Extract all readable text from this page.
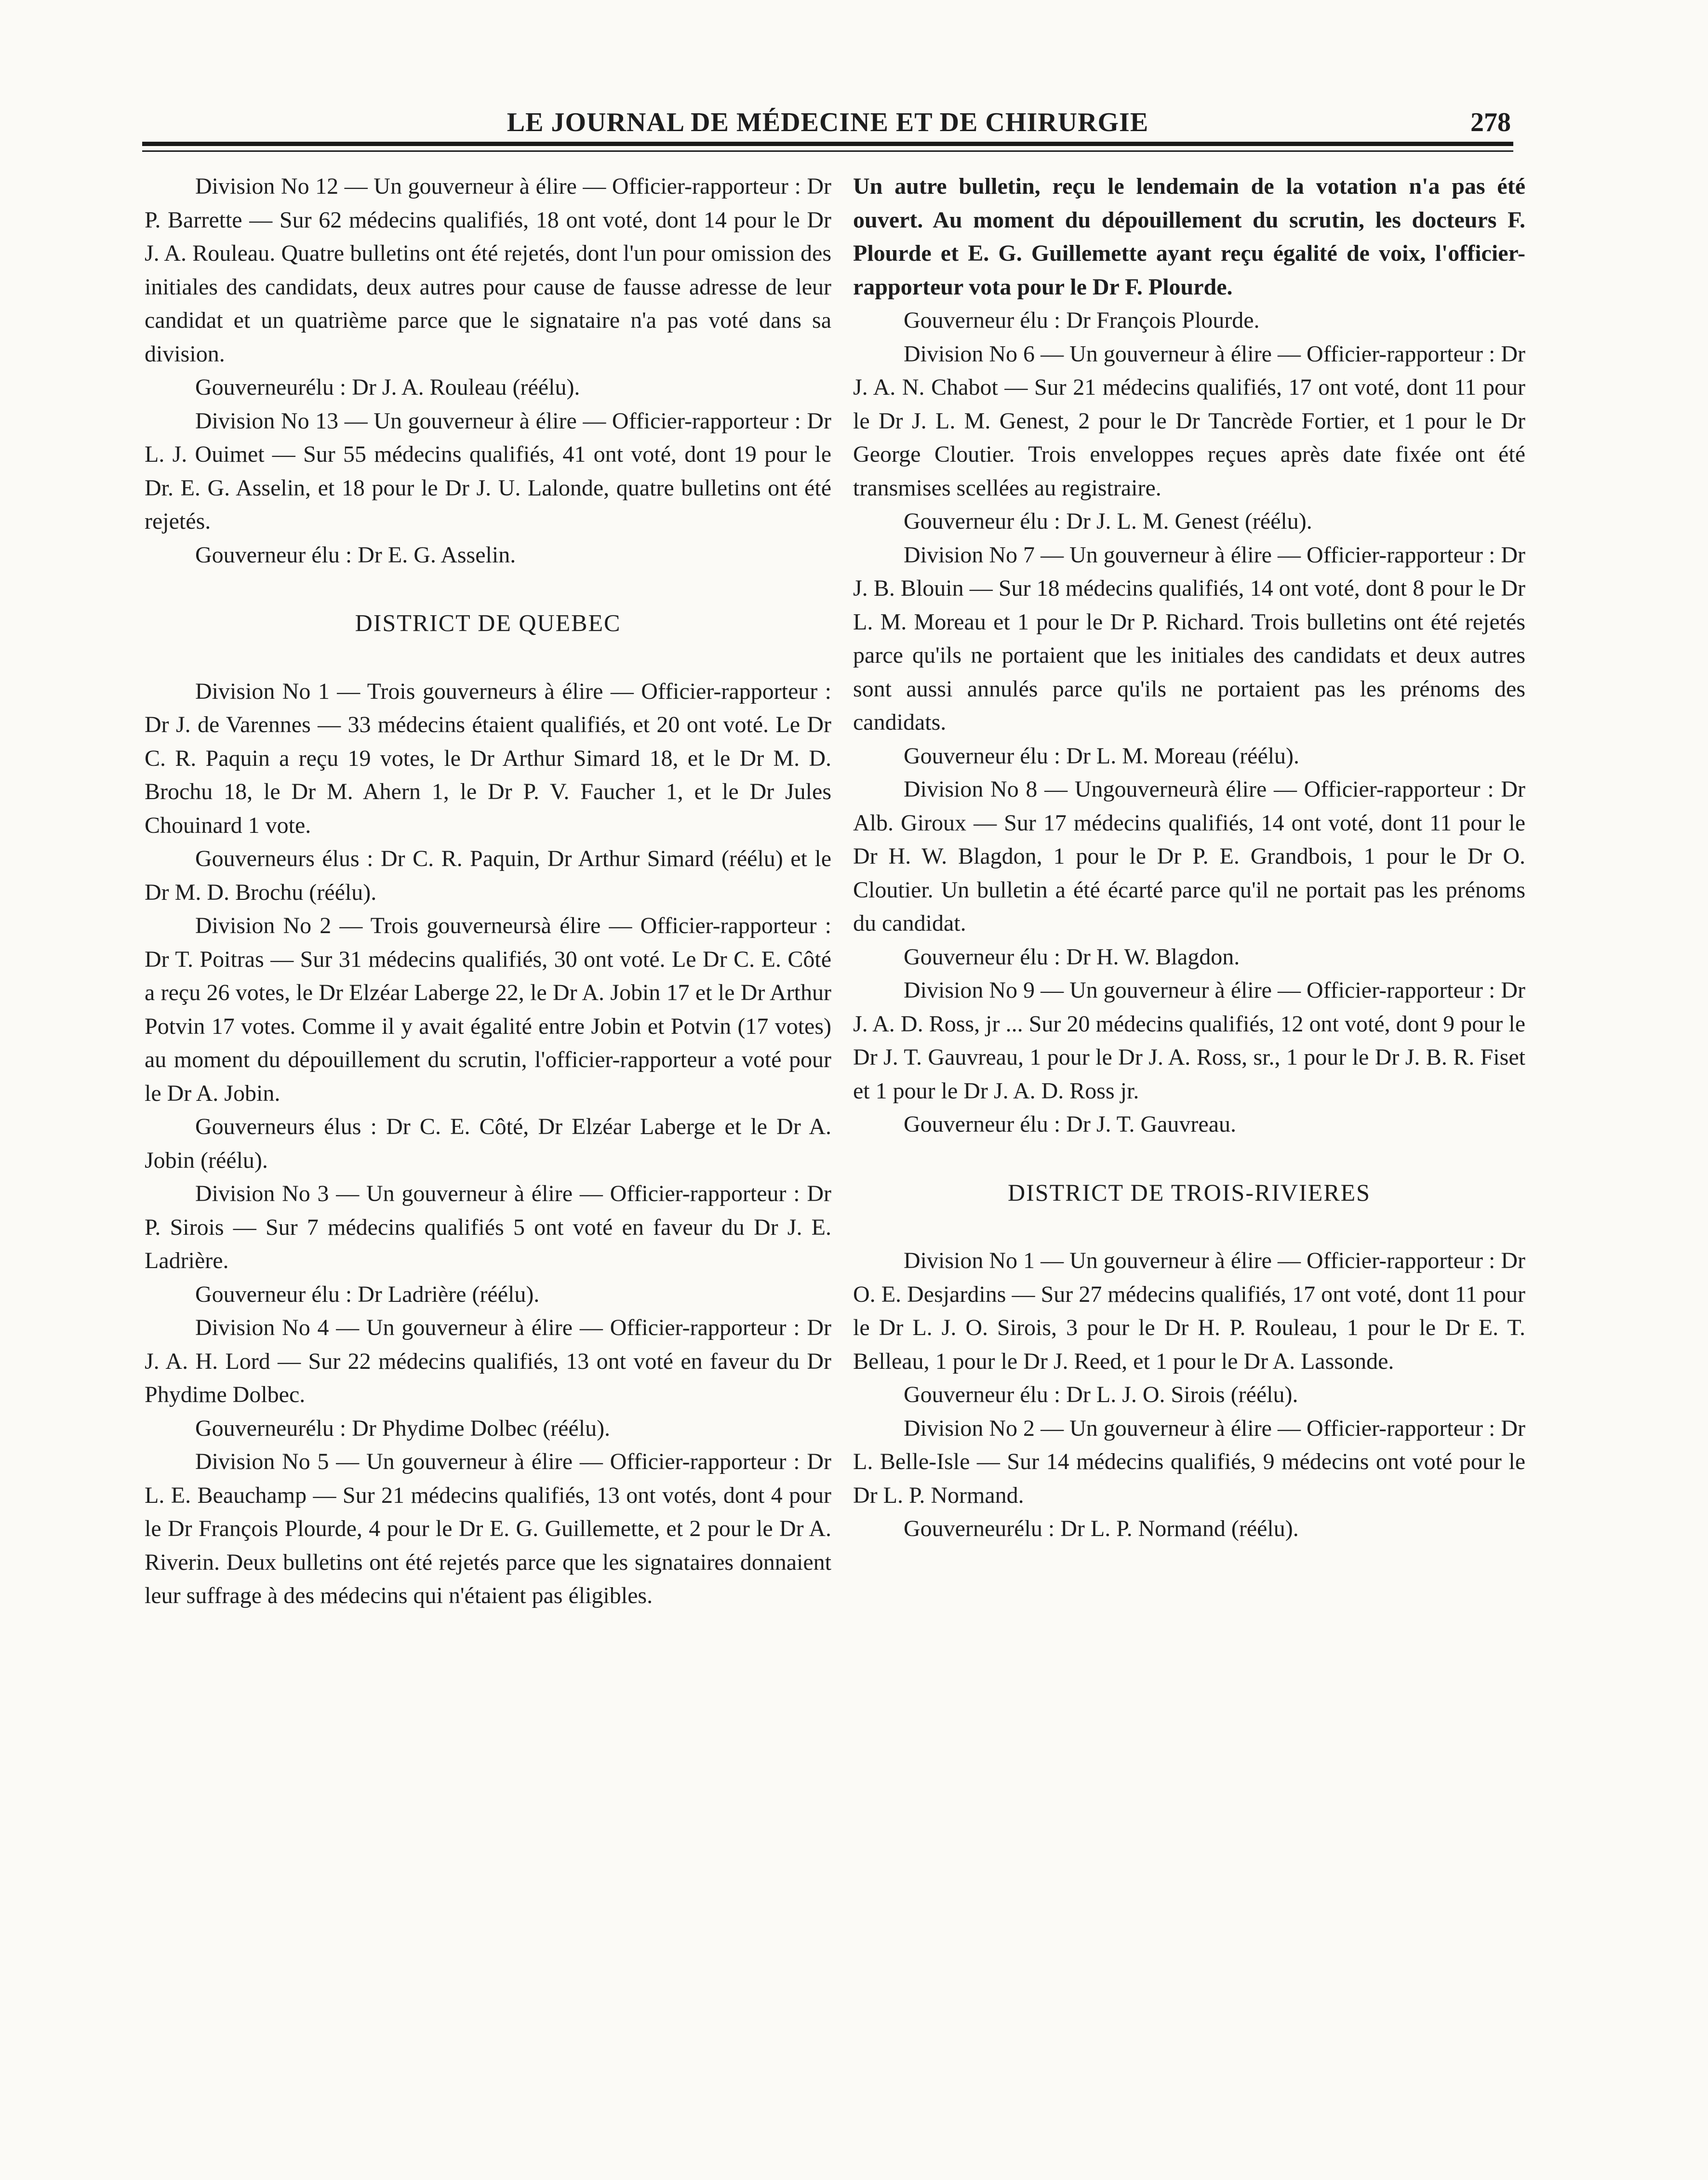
LE JOURNAL DE MÉDECINE ET DE CHIRURGIE	278

Division No 12 — Un gouverneur à élire — Officier-rapporteur : Dr P. Barrette — Sur 62 médecins qualifiés, 18 ont voté, dont 14 pour le Dr J. A. Rouleau. Quatre bulletins ont été rejetés, dont l'un pour omission des initiales des candidats, deux autres pour cause de fausse adresse de leur candidat et un quatrième parce que le signataire n'a pas voté dans sa division.

Gouverneurélu : Dr J. A. Rouleau (réélu).

Division No 13 — Un gouverneur à élire — Officier-rapporteur : Dr L. J. Ouimet — Sur 55 médecins qualifiés, 41 ont voté, dont 19 pour le Dr. E. G. Asselin, et 18 pour le Dr J. U. Lalonde, quatre bulletins ont été rejetés.

Gouverneur élu : Dr E. G. Asselin.

DISTRICT DE QUEBEC

Division No 1 — Trois gouverneurs à élire — Officier-rapporteur : Dr J. de Varennes — 33 médecins étaient qualifiés, et 20 ont voté. Le Dr C. R. Paquin a reçu 19 votes, le Dr Arthur Simard 18, et le Dr M. D. Brochu 18, le Dr M. Ahern 1, le Dr P. V. Faucher 1, et le Dr Jules Chouinard 1 vote.

Gouverneurs élus : Dr C. R. Paquin, Dr Arthur Simard (réélu) et le Dr M. D. Brochu (réélu).

Division No 2 — Trois gouverneursà élire — Officier-rapporteur : Dr T. Poitras — Sur 31 médecins qualifiés, 30 ont voté. Le Dr C. E. Côté a reçu 26 votes, le Dr Elzéar Laberge 22, le Dr A. Jobin 17 et le Dr Arthur Potvin 17 votes. Comme il y avait égalité entre Jobin et Potvin (17 votes) au moment du dépouillement du scrutin, l'officier-rapporteur a voté pour le Dr A. Jobin.

Gouverneurs élus : Dr C. E. Côté, Dr Elzéar Laberge et le Dr A. Jobin (réélu).

Division No 3 — Un gouverneur à élire — Officier-rapporteur : Dr P. Sirois — Sur 7 médecins qualifiés 5 ont voté en faveur du Dr J. E. Ladrière.

Gouverneur élu : Dr Ladrière (réélu).

Division No 4 — Un gouverneur à élire — Officier-rapporteur : Dr J. A. H. Lord — Sur 22 médecins qualifiés, 13 ont voté en faveur du Dr Phydime Dolbec.

Gouverneurélu : Dr Phydime Dolbec (réélu).

Division No 5 — Un gouverneur à élire — Officier-rapporteur : Dr L. E. Beauchamp — Sur 21 médecins qualifiés, 13 ont votés, dont 4 pour le Dr François Plourde, 4 pour le Dr E. G. Guillemette, et 2 pour le Dr A. Riverin. Deux bulletins ont été rejetés parce que les signataires donnaient leur suffrage à des médecins qui n'étaient pas éligibles.

Un autre bulletin, reçu le lendemain de la votation n'a pas été ouvert. Au moment du dépouillement du scrutin, les docteurs F. Plourde et E. G. Guillemette ayant reçu égalité de voix, l'officier-rapporteur vota pour le Dr F. Plourde.

Gouverneur élu : Dr François Plourde.

Division No 6 — Un gouverneur à élire — Officier-rapporteur : Dr J. A. N. Chabot — Sur 21 médecins qualifiés, 17 ont voté, dont 11 pour le Dr J. L. M. Genest, 2 pour le Dr Tancrède Fortier, et 1 pour le Dr George Cloutier. Trois enveloppes reçues après date fixée ont été transmises scellées au registraire.

Gouverneur élu : Dr J. L. M. Genest (réélu).

Division No 7 — Un gouverneur à élire — Officier-rapporteur : Dr J. B. Blouin — Sur 18 médecins qualifiés, 14 ont voté, dont 8 pour le Dr L. M. Moreau et 1 pour le Dr P. Richard. Trois bulletins ont été rejetés parce qu'ils ne portaient que les initiales des candidats et deux autres sont aussi annulés parce qu'ils ne portaient pas les prénoms des candidats.

Gouverneur élu : Dr L. M. Moreau (réélu).

Division No 8 — Ungouverneurà élire — Officier-rapporteur : Dr Alb. Giroux — Sur 17 médecins qualifiés, 14 ont voté, dont 11 pour le Dr H. W. Blagdon, 1 pour le Dr P. E. Grandbois, 1 pour le Dr O. Cloutier. Un bulletin a été écarté parce qu'il ne portait pas les prénoms du candidat.

Gouverneur élu : Dr H. W. Blagdon.

Division No 9 — Un gouverneur à élire — Officier-rapporteur : Dr J. A. D. Ross, jr ... Sur 20 médecins qualifiés, 12 ont voté, dont 9 pour le Dr J. T. Gauvreau, 1 pour le Dr J. A. Ross, sr., 1 pour le Dr J. B. R. Fiset et 1 pour le Dr J. A. D. Ross jr.

Gouverneur élu : Dr J. T. Gauvreau.

DISTRICT DE TROIS-RIVIERES

Division No 1 — Un gouverneur à élire — Officier-rapporteur : Dr O. E. Desjardins — Sur 27 médecins qualifiés, 17 ont voté, dont 11 pour le Dr L. J. O. Sirois, 3 pour le Dr H. P. Rouleau, 1 pour le Dr E. T. Belleau, 1 pour le Dr J. Reed, et 1 pour le Dr A. Lassonde.

Gouverneur élu : Dr L. J. O. Sirois (réélu).

Division No 2 — Un gouverneur à élire — Officier-rapporteur : Dr L. Belle-Isle — Sur 14 médecins qualifiés, 9 médecins ont voté pour le Dr L. P. Normand.

Gouverneurélu : Dr L. P. Normand (réélu).
